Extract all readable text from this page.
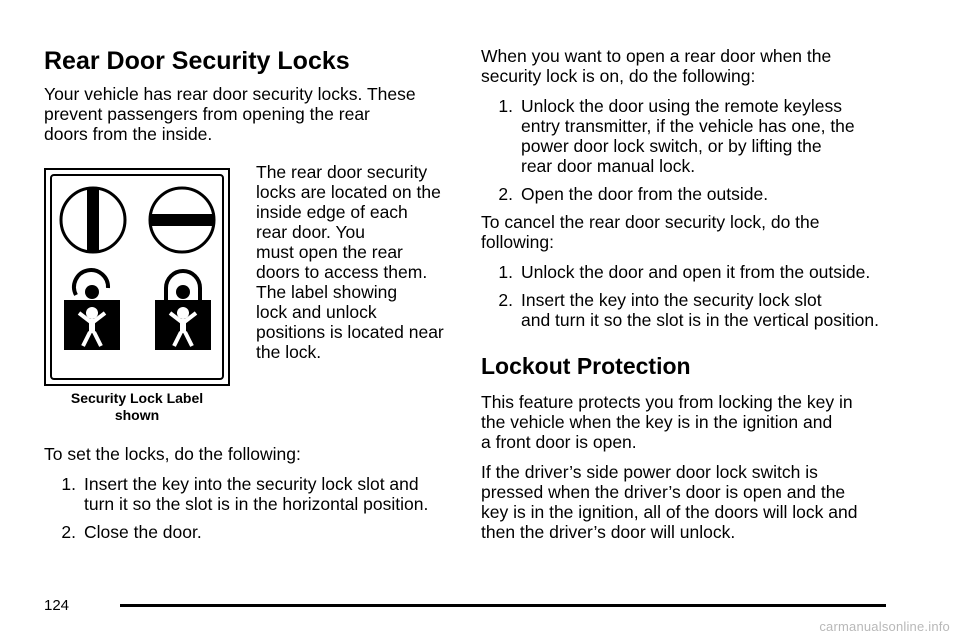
Rear Door Security Locks

Your vehicle has rear door security locks. These
prevent passengers from opening the rear
doors from the inside.

Security Lock Label
shown

The rear door security
locks are located on the
inside edge of each
rear door. You
must open the rear
doors to access them.
The label showing
lock and unlock
positions is located near
the lock.

To set the locks, do the following:

1. Insert the key into the security lock slot and
turn it so the slot is in the horizontal position.
2. Close the door.

When you want to open a rear door when the
security lock is on, do the following:

1. Unlock the door using the remote keyless
entry transmitter, if the vehicle has one, the
power door lock switch, or by lifting the
rear door manual lock.
2. Open the door from the outside.

To cancel the rear door security lock, do the
following:

1. Unlock the door and open it from the outside.
2. Insert the key into the security lock slot
and turn it so the slot is in the vertical position.
Lockout Protection

This feature protects you from locking the key in
the vehicle when the key is in the ignition and
a front door is open.

If the driver’s side power door lock switch is
pressed when the driver’s door is open and the
key is in the ignition, all of the doors will lock and
then the driver’s door will unlock.

124
carmanualsonline.info
